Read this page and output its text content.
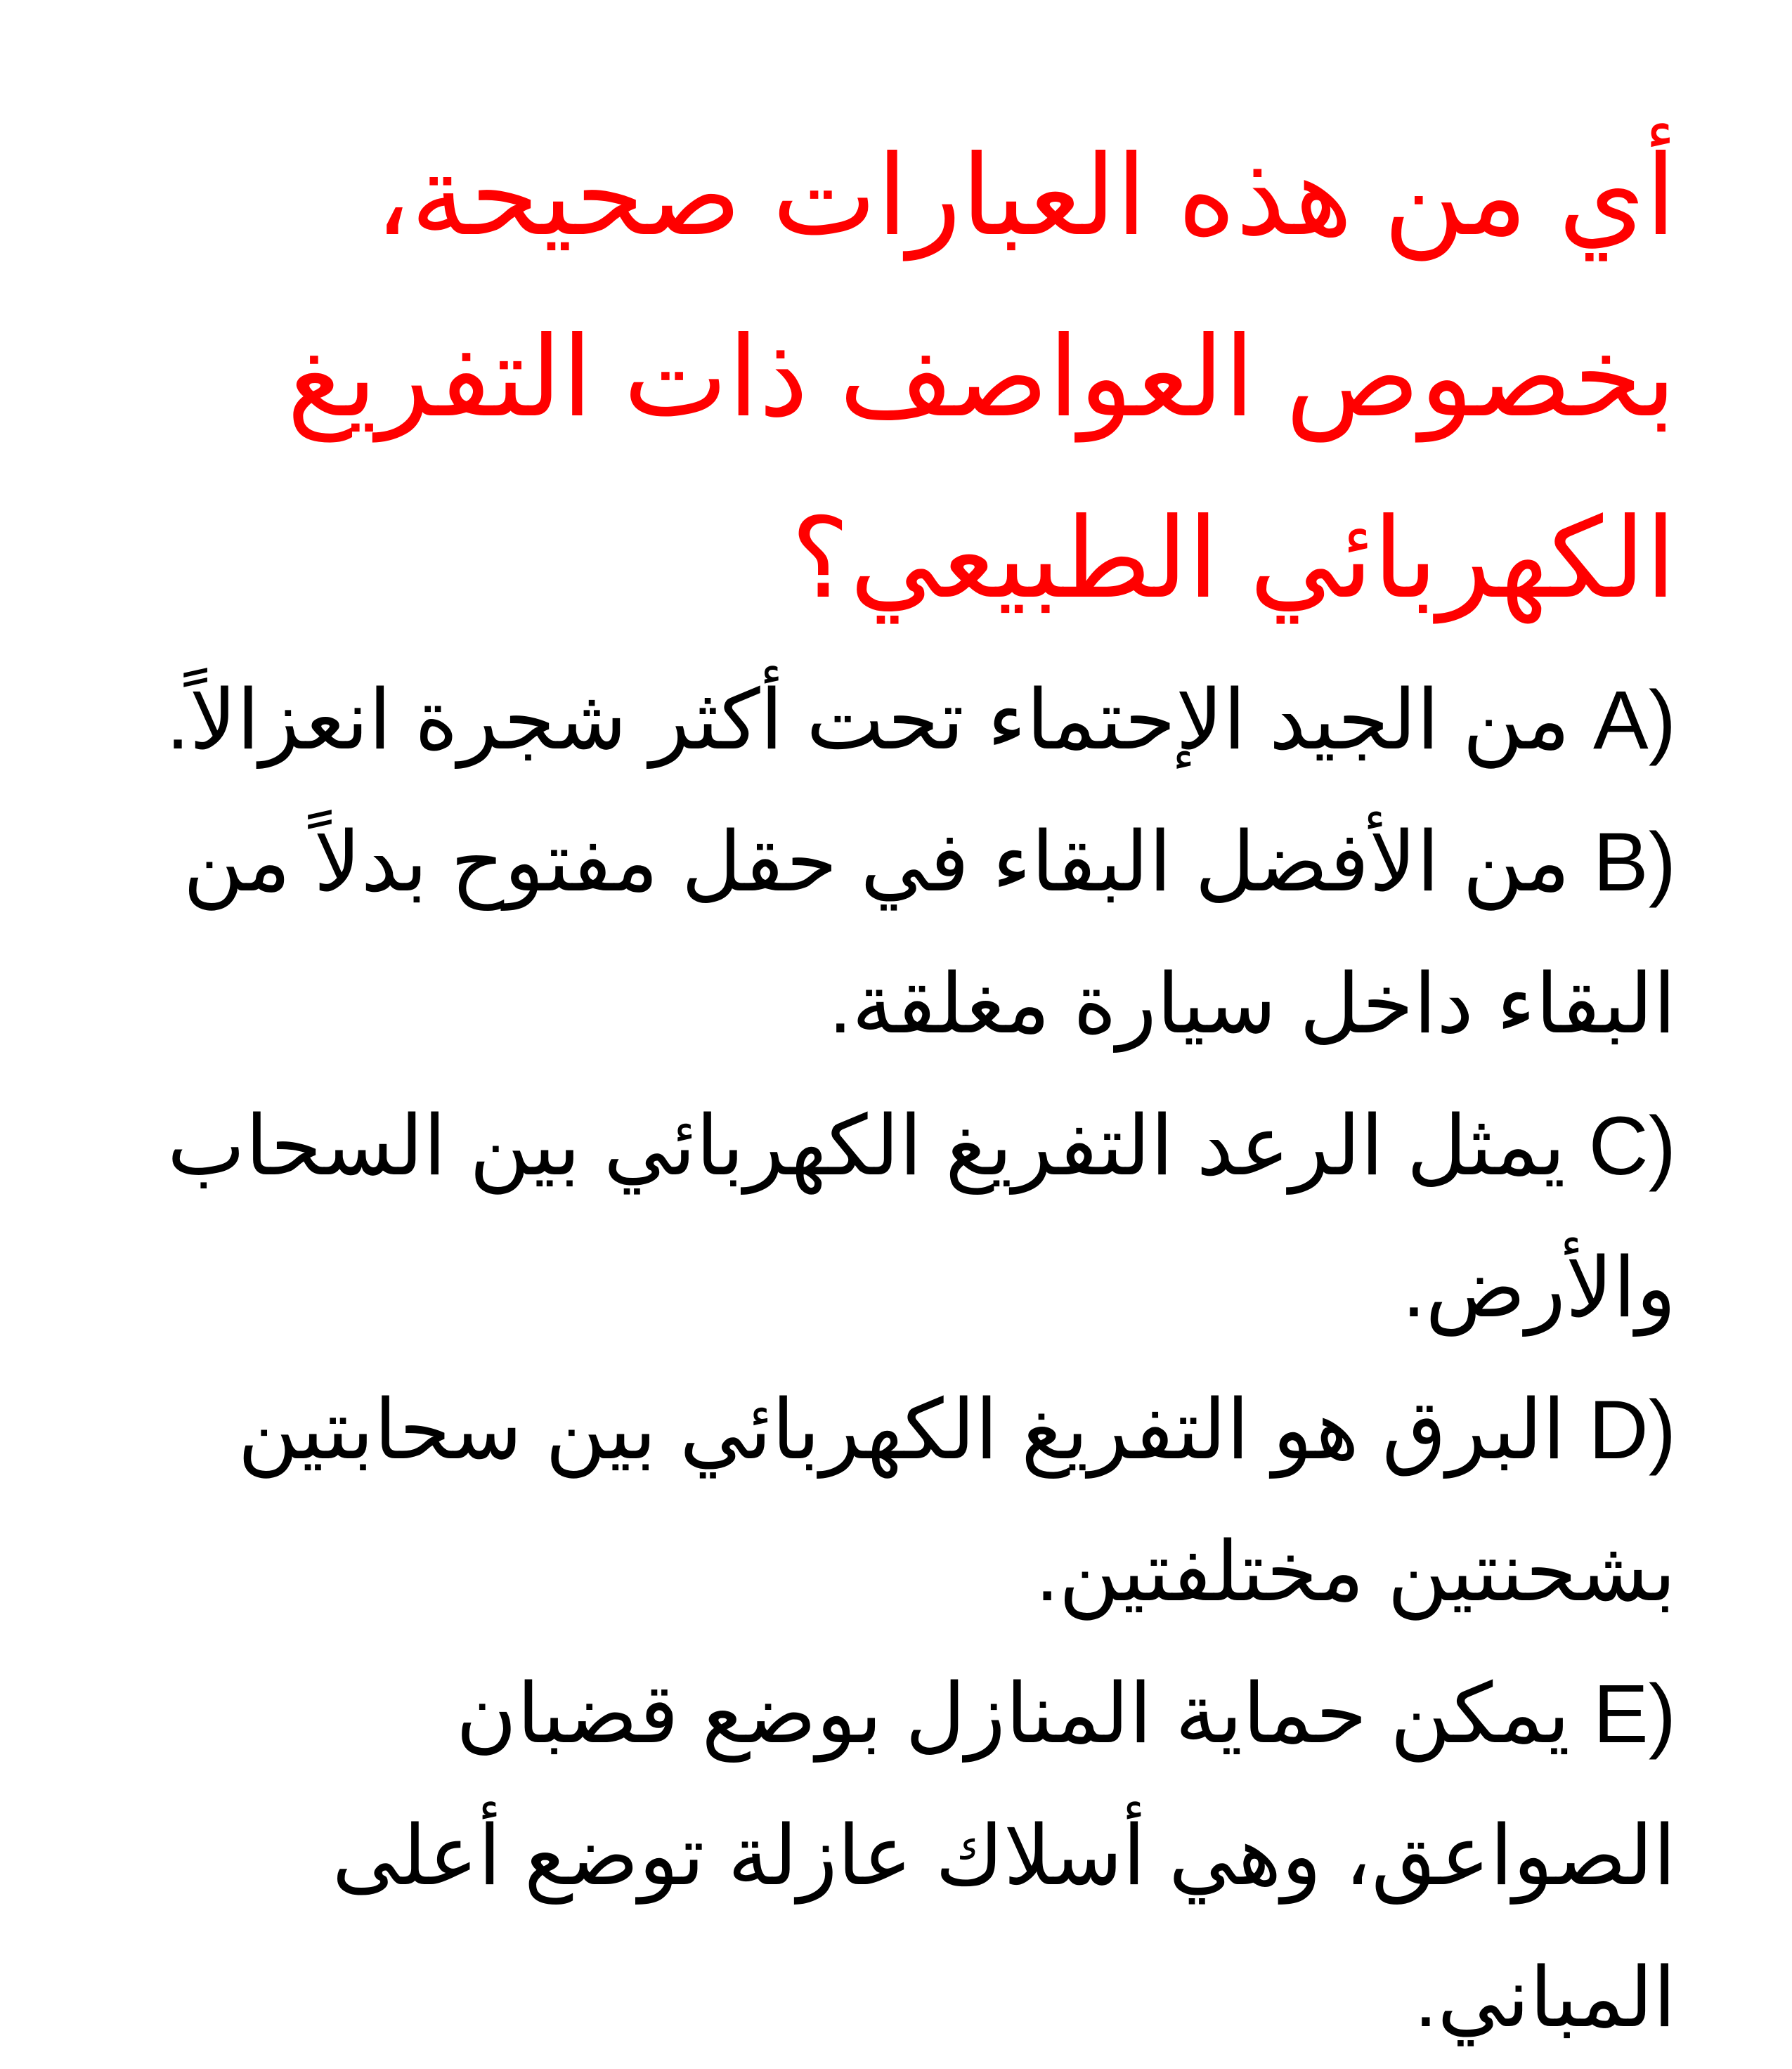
أي من هذه العبارات صحيحة، بخصوص العواصف ذات التفريغ الكهربائي الطبيعي؟
A) من الجيد الإحتماء تحت أكثر شجرة انعزالاً.
B) من الأفضل البقاء في حقل مفتوح بدلاً من البقاء داخل سيارة مغلقة.
C) يمثل الرعد التفريغ الكهربائي بين السحاب والأرض.
D) البرق هو التفريغ الكهربائي بين سحابتين بشحنتين مختلفتين.
E) يمكن حماية المنازل بوضع قضبان الصواعق، وهي أسلاك عازلة توضع أعلى المباني.
